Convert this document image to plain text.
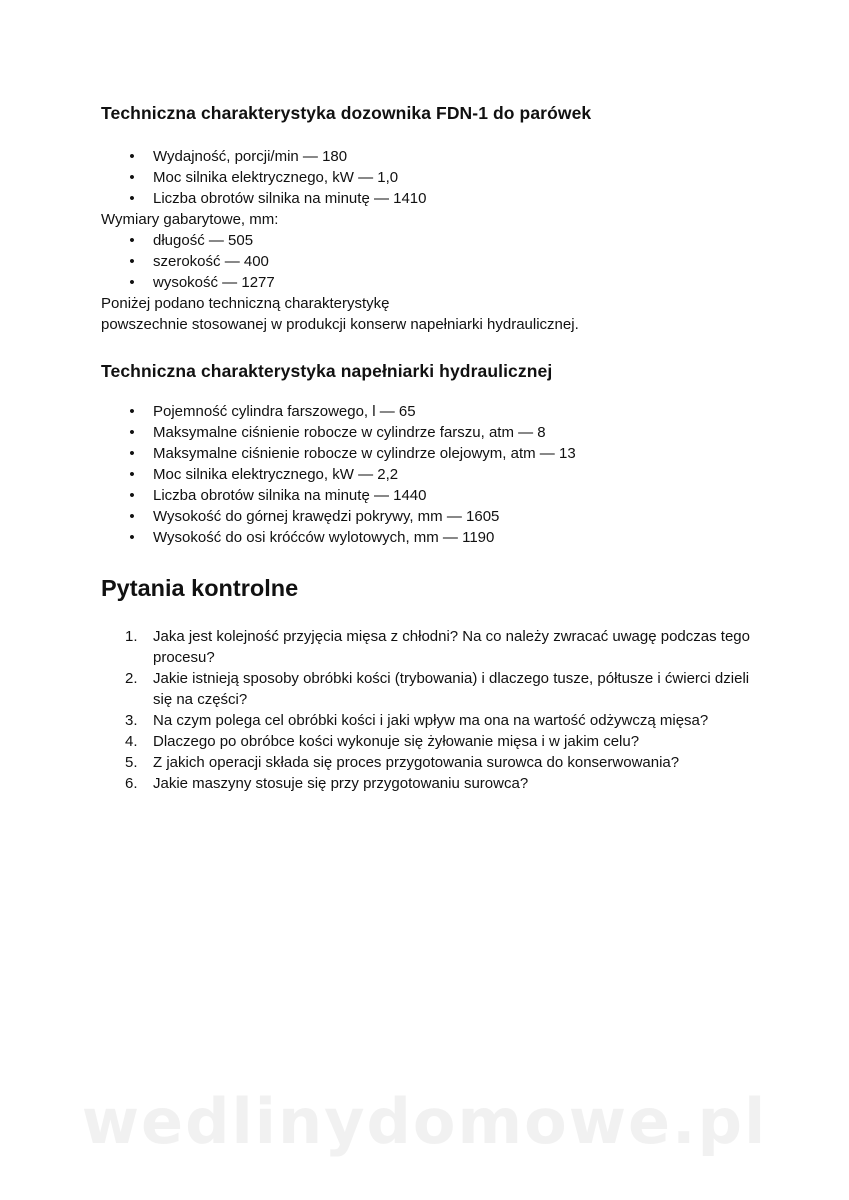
Techniczna charakterystyka dozownika FDN-1 do parówek
• Wydajność, porcji/min — 180
• Moc silnika elektrycznego, kW — 1,0
• Liczba obrotów silnika na minutę — 1410

Wymiary gabarytowe, mm:

• długość — 505
• szerokość — 400
• wysokość — 1277

Poniżej podano techniczną charakterystykę

powszechnie stosowanej w produkcji konserw napełniarki hydraulicznej.

Techniczna charakterystyka napełniarki hydraulicznej
• Pojemność cylindra farszowego, l — 65
• Maksymalne ciśnienie robocze w cylindrze farszu, atm — 8
• Maksymalne ciśnienie robocze w cylindrze olejowym, atm — 13
• Moc silnika elektrycznego, kW — 2,2
• Liczba obrotów silnika na minutę — 1440
• Wysokość do górnej krawędzi pokrywy, mm — 1605
• Wysokość do osi króćców wylotowych, mm — 1190
Pytania kontrolne
1. Jaka jest kolejność przyjęcia mięsa z chłodni? Na co należy zwracać uwagę podczas tego procesu?
2. Jakie istnieją sposoby obróbki kości (trybowania) i dlaczego tusze, półtusze i ćwierci dzieli się na części?
3. Na czym polega cel obróbki kości i jaki wpływ ma ona na wartość odżywczą mięsa?
4. Dlaczego po obróbce kości wykonuje się żyłowanie mięsa i w jakim celu?
5. Z jakich operacji składa się proces przygotowania surowca do konserwowania?
6. Jakie maszyny stosuje się przy przygotowaniu surowca?
wedlinydomowe.pl
